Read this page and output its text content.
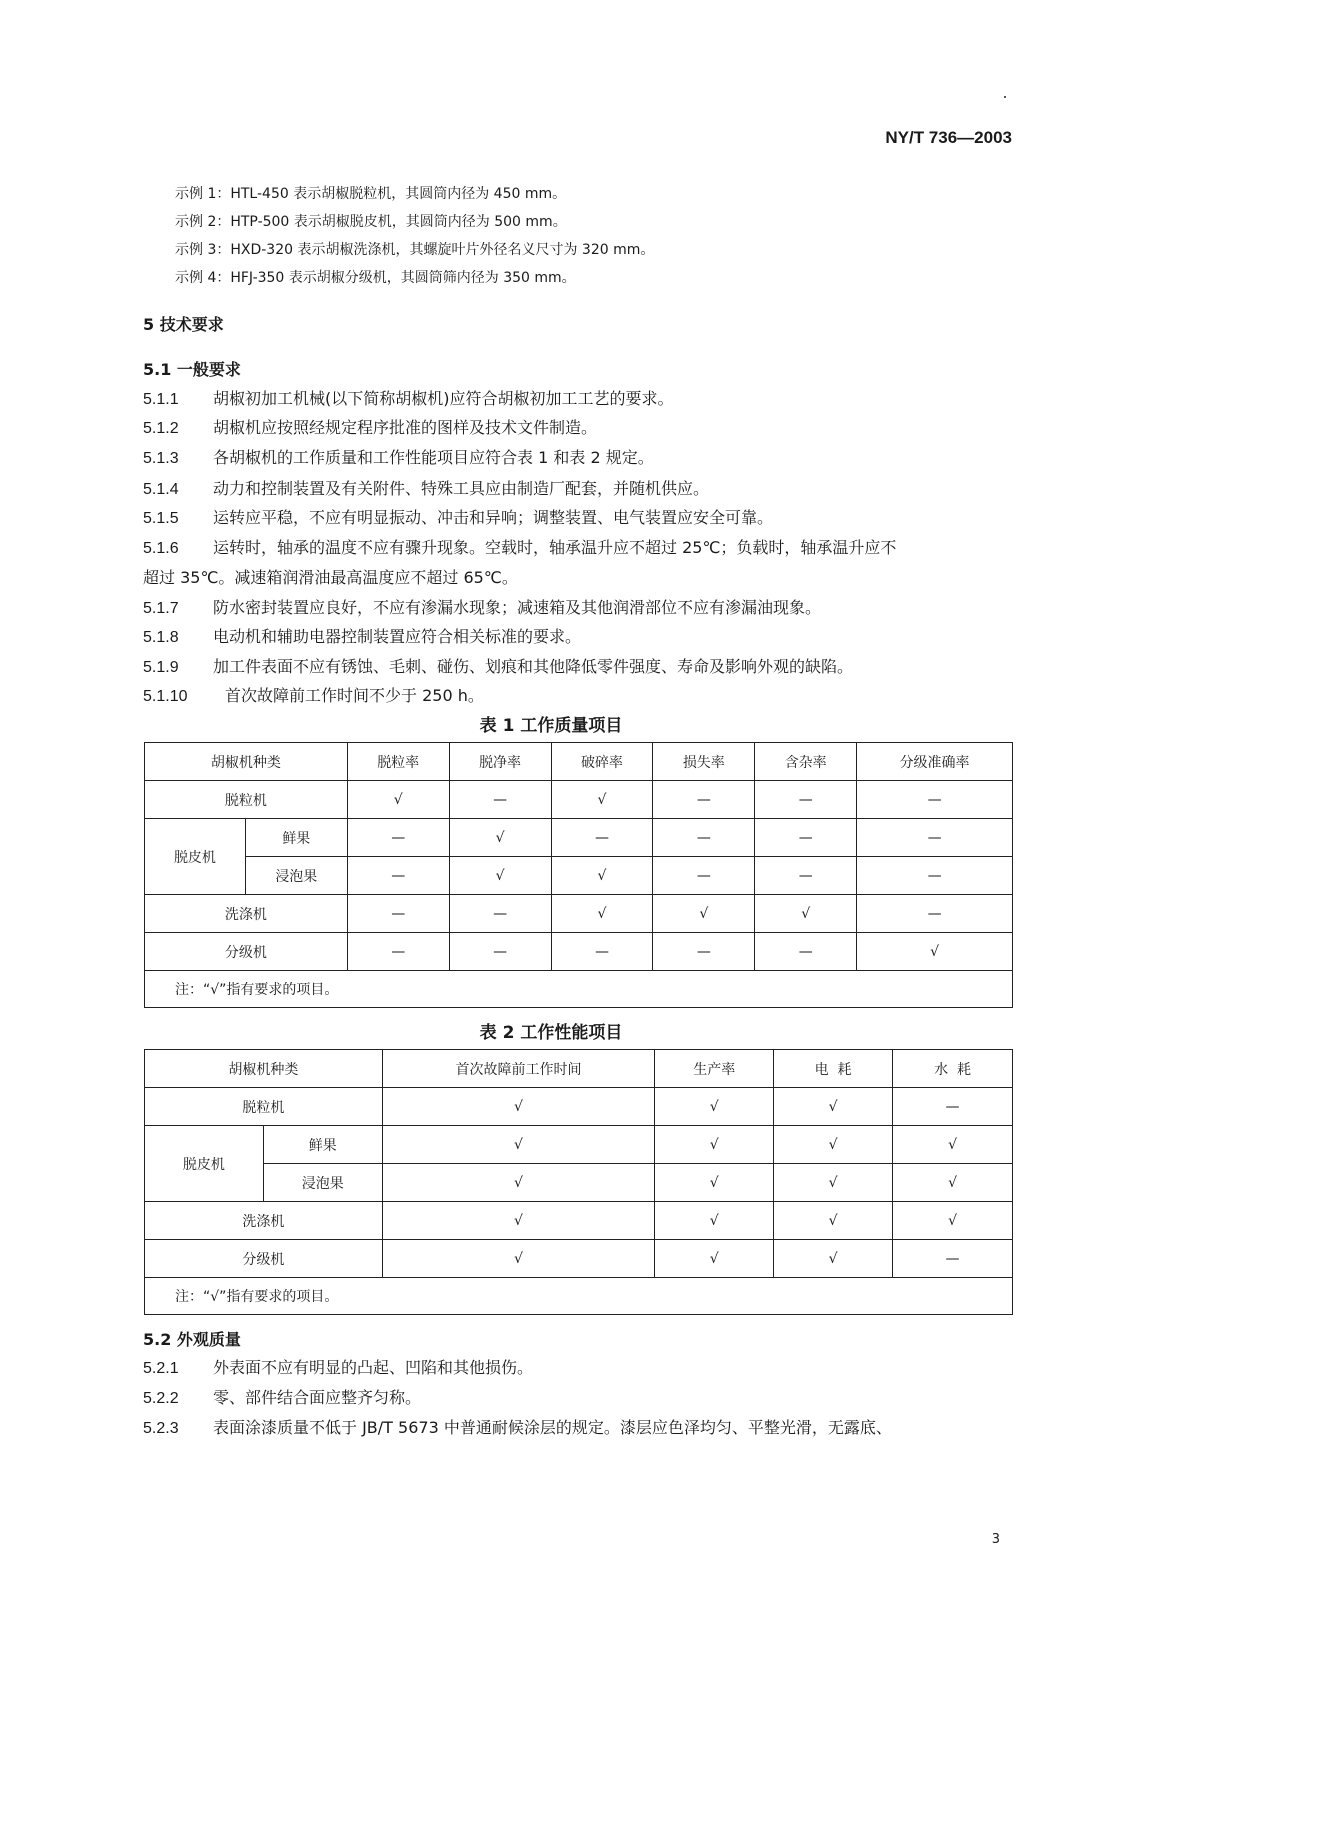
NY/T 736—2003
示例 1：HTL-450 表示胡椒脱粒机，其圆筒内径为 450 mm。
示例 2：HTP-500 表示胡椒脱皮机，其圆筒内径为 500 mm。
示例 3：HXD-320 表示胡椒洗涤机，其螺旋叶片外径名义尺寸为 320 mm。
示例 4：HFJ-350 表示胡椒分级机，其圆筒筛内径为 350 mm。
5 技术要求
5.1 一般要求
5.1.1 胡椒初加工机械(以下简称胡椒机)应符合胡椒初加工工艺的要求。
5.1.2 胡椒机应按照经规定程序批准的图样及技术文件制造。
5.1.3 各胡椒机的工作质量和工作性能项目应符合表 1 和表 2 规定。
5.1.4 动力和控制装置及有关附件、特殊工具应由制造厂配套，并随机供应。
5.1.5 运转应平稳，不应有明显振动、冲击和异响；调整装置、电气装置应安全可靠。
5.1.6 运转时，轴承的温度不应有骤升现象。空载时，轴承温升应不超过 25℃；负载时，轴承温升应不
超过 35℃。减速箱润滑油最高温度应不超过 65℃。
5.1.7 防水密封装置应良好，不应有渗漏水现象；减速箱及其他润滑部位不应有渗漏油现象。
5.1.8 电动机和辅助电器控制装置应符合相关标准的要求。
5.1.9 加工件表面不应有锈蚀、毛刺、碰伤、划痕和其他降低零件强度、寿命及影响外观的缺陷。
5.1.10 首次故障前工作时间不少于 250 h。
表 1 工作质量项目
胡椒机种类		脱粒率	脱净率	破碎率	损失率	含杂率	分级准确率
脱粒机		√	—	√	—	—	—
脱皮机	鲜果	—	√	—	—	—	—
	浸泡果	—	√	√	—	—	—
洗涤机		—	—	√	√	√	—
分级机		—	—	—	—	—	√
注：“√”指有要求的项目。							
表 2 工作性能项目
胡椒机种类		首次故障前工作时间	生产率	电  耗	水  耗
脱粒机		√	√	√	—
脱皮机	鲜果	√	√	√	√
	浸泡果	√	√	√	√
洗涤机		√	√	√	√
分级机		√	√	√	—
注：“√”指有要求的项目。					
5.2 外观质量
5.2.1 外表面不应有明显的凸起、凹陷和其他损伤。
5.2.2 零、部件结合面应整齐匀称。
5.2.3 表面涂漆质量不低于 JB/T 5673 中普通耐候涂层的规定。漆层应色泽均匀、平整光滑，无露底、
3
